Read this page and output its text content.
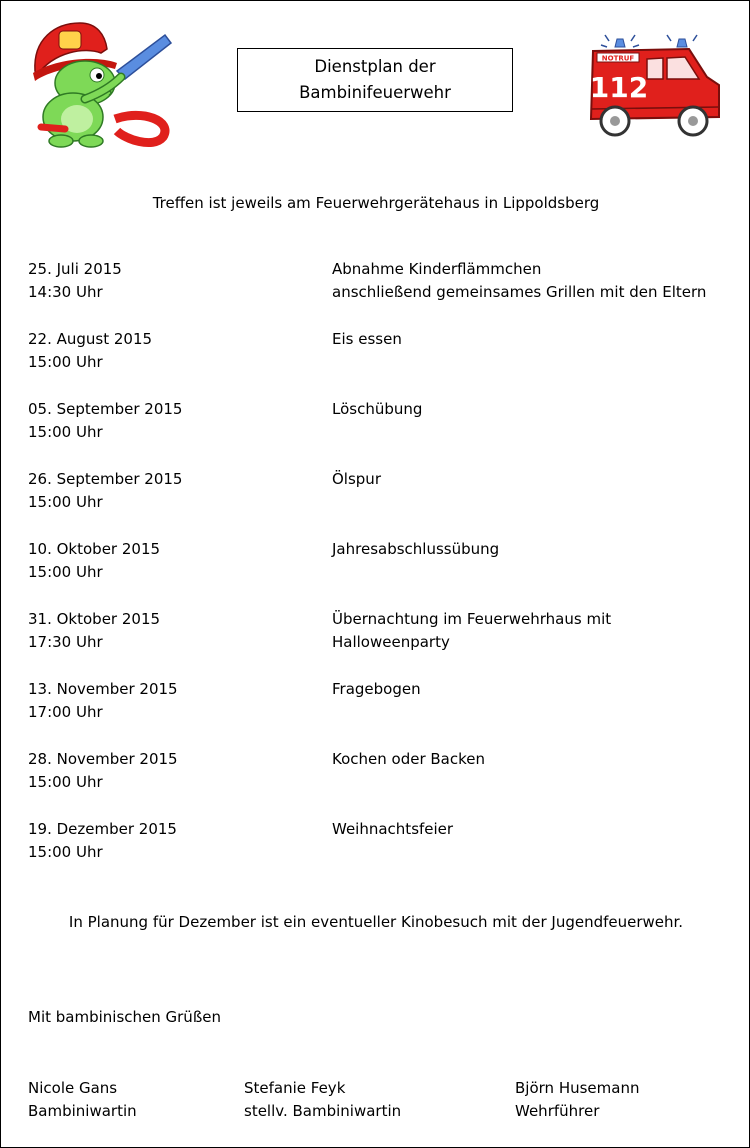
Dienstplan der
Bambinifeuerwehr
NOTRUF
112
Treffen ist jeweils am Feuerwehrgerätehaus in Lippoldsberg
25. Juli 2015
14:30 Uhr
Abnahme Kinderflämmchen
anschließend gemeinsames Grillen mit den Eltern
22. August 2015
15:00 Uhr
Eis essen
05. September 2015
15:00 Uhr
Löschübung
26. September 2015
15:00 Uhr
Ölspur
10. Oktober 2015
15:00 Uhr
Jahresabschlussübung
31. Oktober 2015
17:30 Uhr
Übernachtung im Feuerwehrhaus mit
Halloweenparty
13. November 2015
17:00 Uhr
Fragebogen
28. November 2015
15:00 Uhr
Kochen oder Backen
19. Dezember 2015
15:00 Uhr
Weihnachtsfeier
In Planung für Dezember ist ein eventueller Kinobesuch mit der Jugendfeuerwehr.
Mit bambinischen Grüßen
Nicole Gans
Bambiniwartin
Stefanie Feyk
stellv. Bambiniwartin
Björn Husemann
Wehrführer
